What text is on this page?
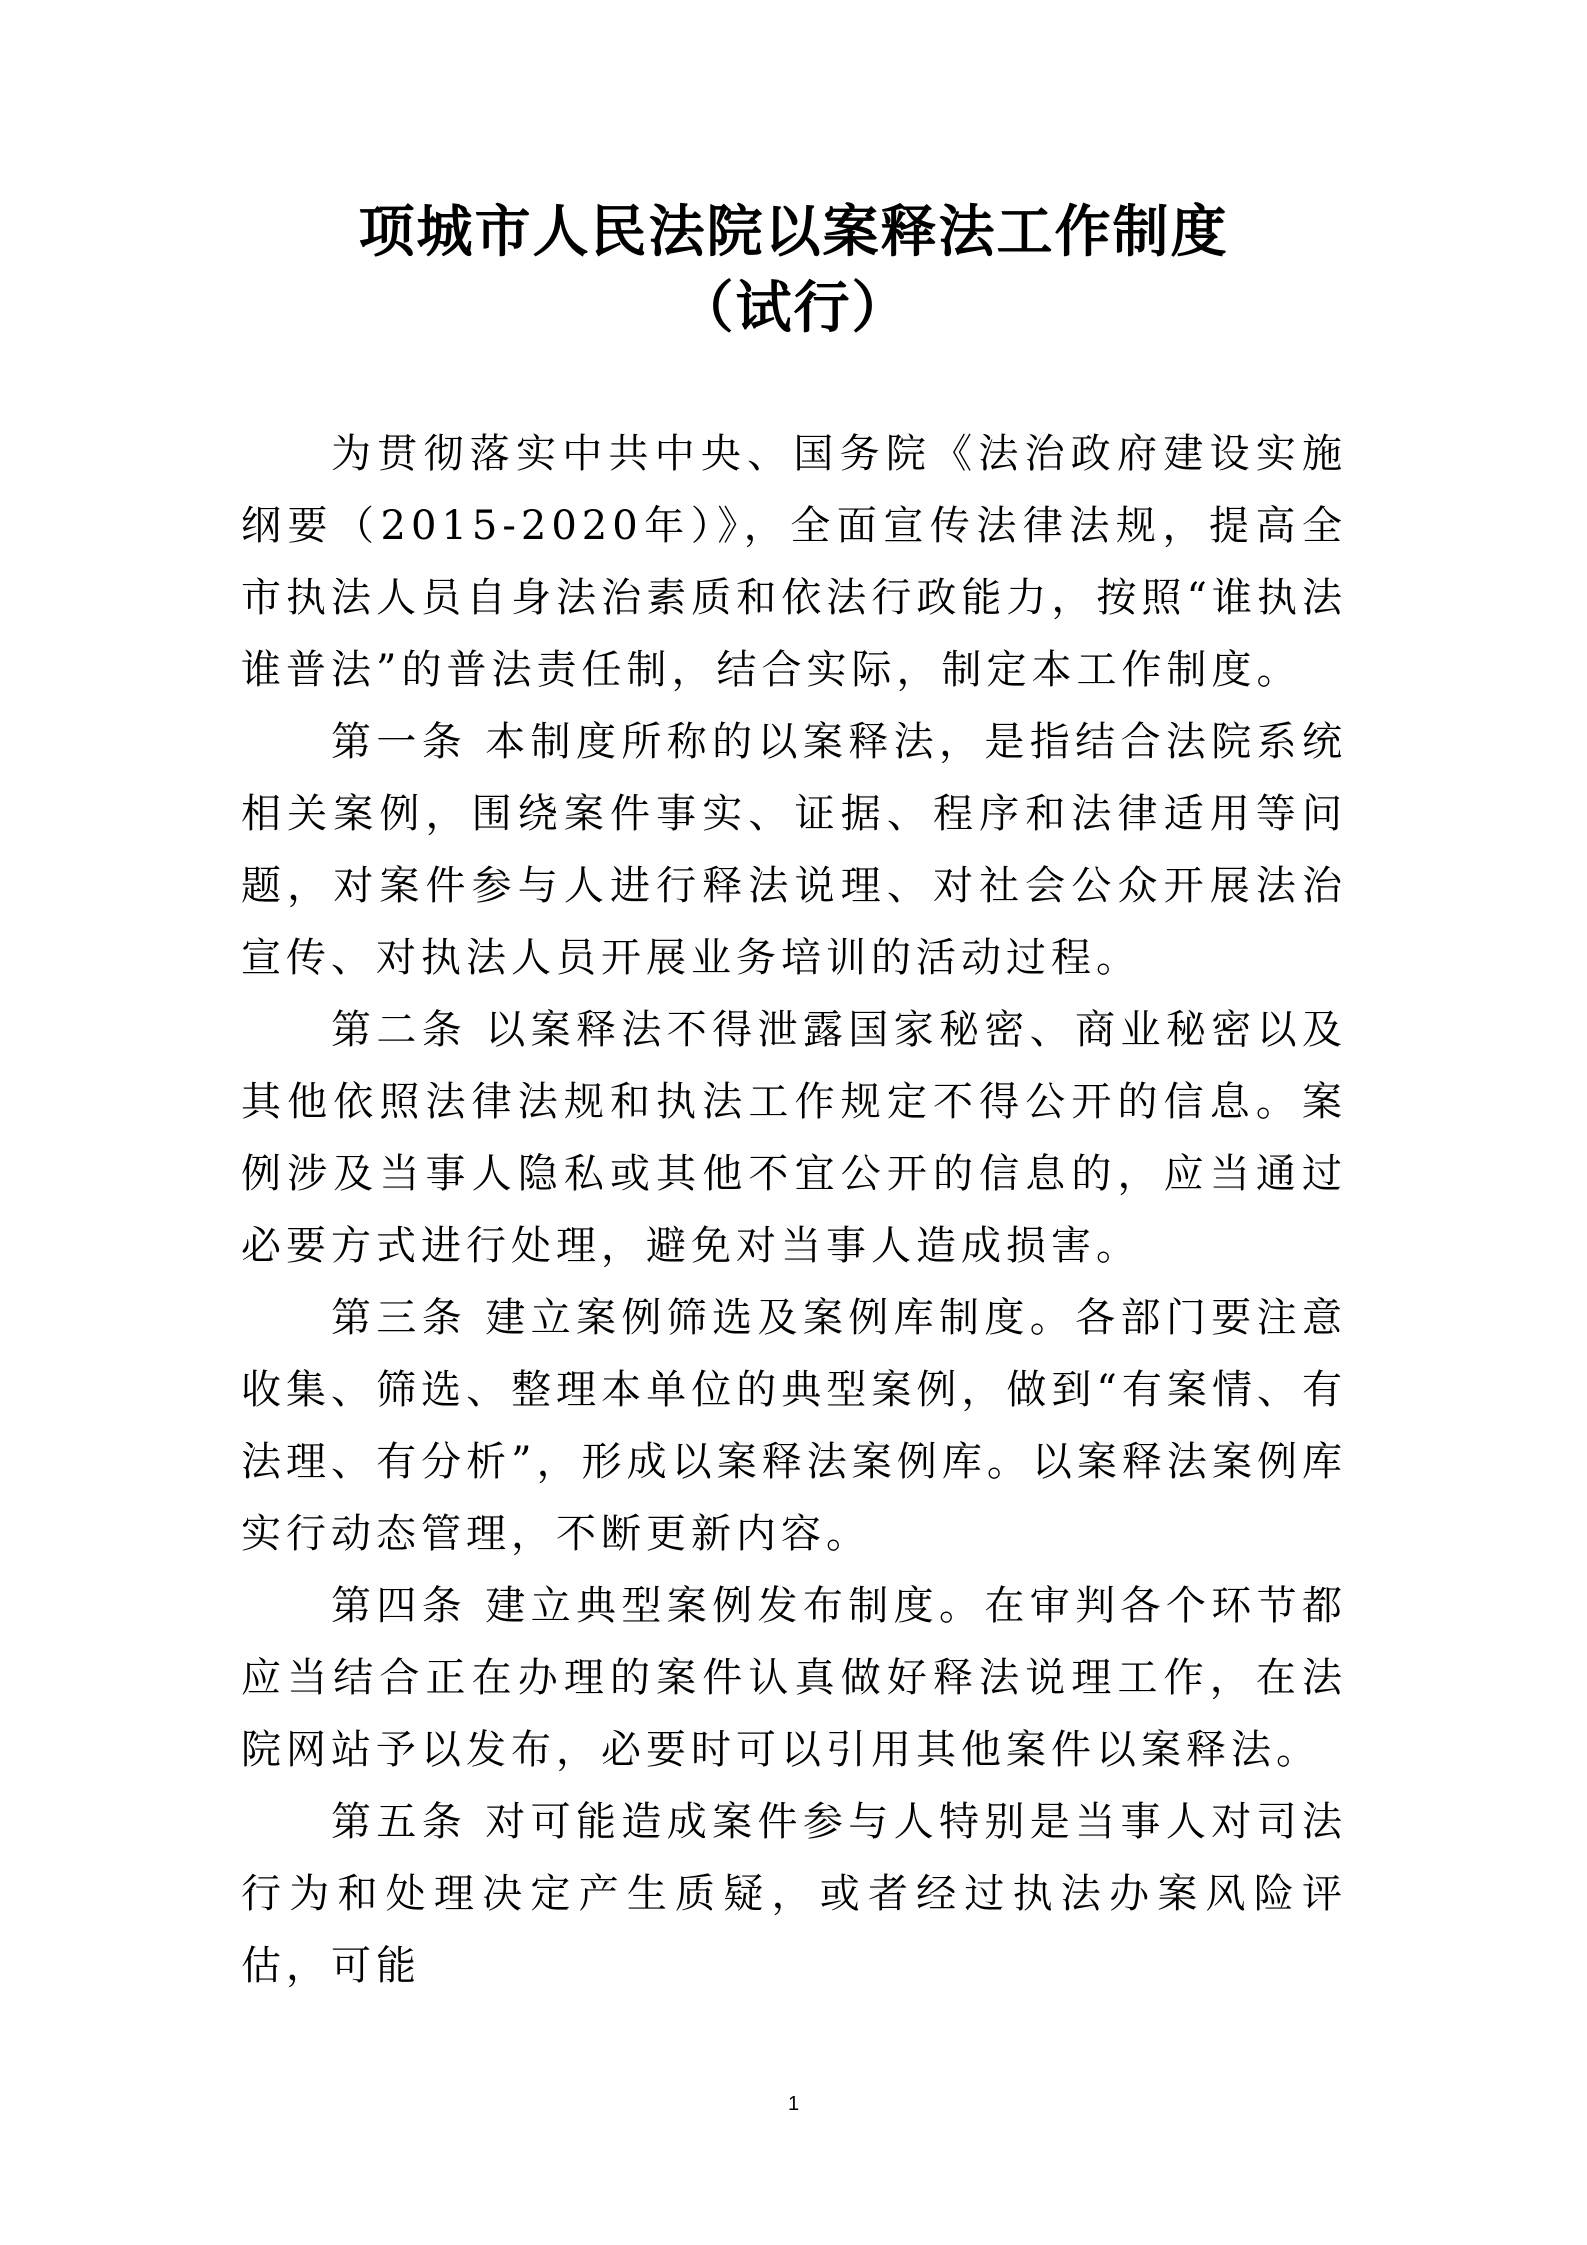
项城市人民法院以案释法工作制度
（试行）

为贯彻落实中共中央、国务院《法治政府建设实施纲要（2015-2020年）》，全面宣传法律法规，提高全市执法人员自身法治素质和依法行政能力，按照“谁执法谁普法”的普法责任制，结合实际，制定本工作制度。

第一条 本制度所称的以案释法，是指结合法院系统相关案例，围绕案件事实、证据、程序和法律适用等问题，对案件参与人进行释法说理、对社会公众开展法治宣传、对执法人员开展业务培训的活动过程。

第二条 以案释法不得泄露国家秘密、商业秘密以及其他依照法律法规和执法工作规定不得公开的信息。案例涉及当事人隐私或其他不宜公开的信息的，应当通过必要方式进行处理，避免对当事人造成损害。

第三条 建立案例筛选及案例库制度。各部门要注意收集、筛选、整理本单位的典型案例，做到“有案情、有法理、有分析”，形成以案释法案例库。以案释法案例库实行动态管理，不断更新内容。

第四条 建立典型案例发布制度。在审判各个环节都应当结合正在办理的案件认真做好释法说理工作，在法院网站予以发布，必要时可以引用其他案件以案释法。

第五条 对可能造成案件参与人特别是当事人对司法行为和处理决定产生质疑，或者经过执法办案风险评估，可能

1
